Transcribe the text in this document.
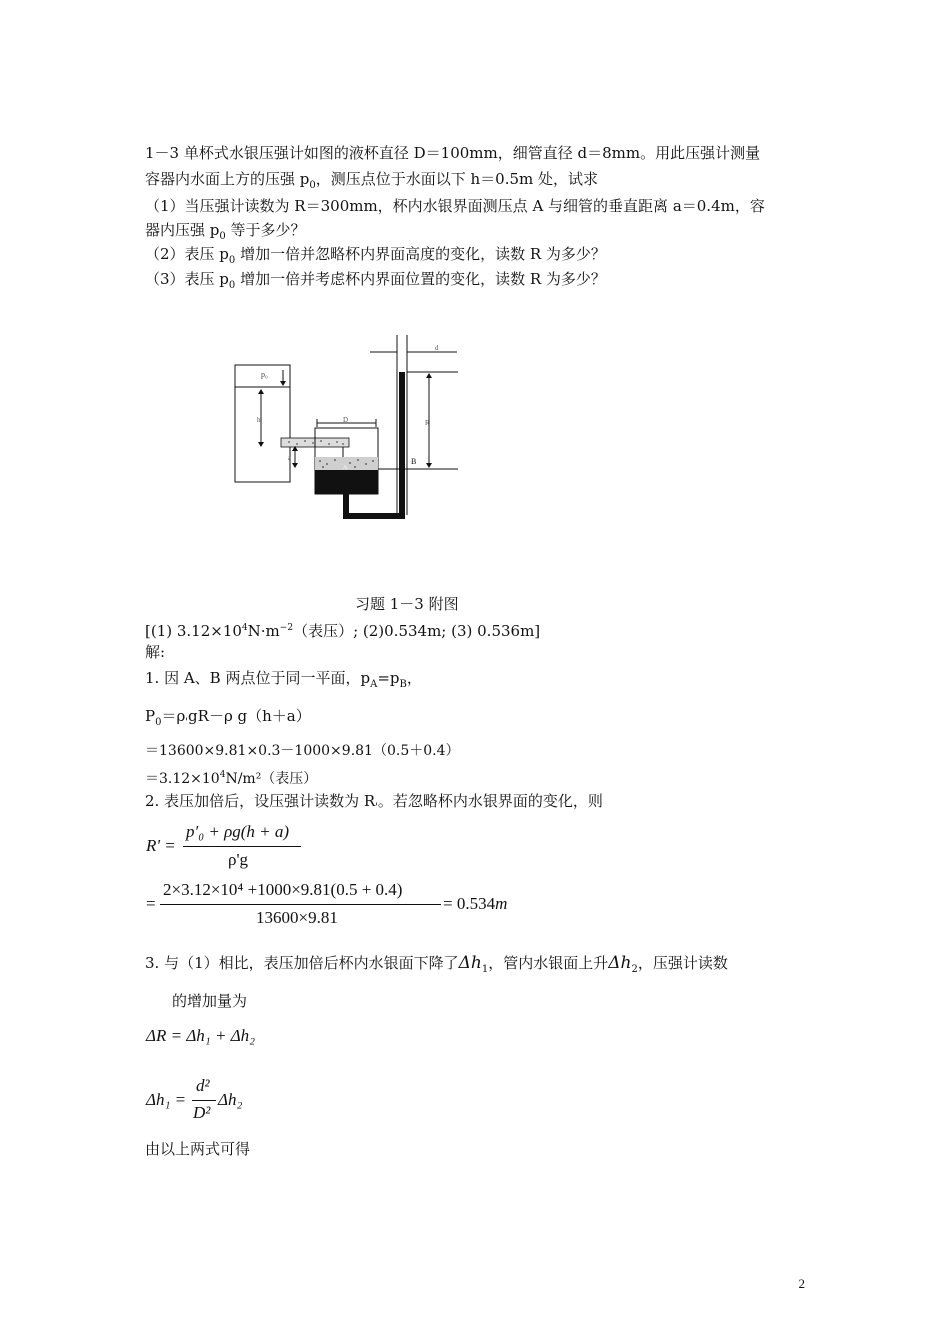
1－3 单杯式水银压强计如图的液杯直径 D＝100mm，细管直径 d＝8mm。用此压强计测量
容器内水面上方的压强 $p_0$，测压点位于水面以下 h＝0.5m 处，试求
（1）当压强计读数为 R＝300mm，杯内水银界面测压点 A 与细管的垂直距离 a＝0.4m，容
器内压强 $p_0$ 等于多少？
（2）表压 $p_0$ 增加一倍并忽略杯内界面高度的变化，读数 R 为多少？
（3）表压 $p_0$ 增加一倍并考虑杯内界面位置的变化，读数 R 为多少？
p₀
h
A
D
a
d
R
B
习题 1－3 附图
[(1) $3.12\times 10^4N\cdot m^{-2}$（表压）; (2)0.534m; (3) 0.536m]
解:
1. 因 A、B 两点位于同一平面，$p_A=p_B$，
$P_0=\rho'gR-\rho$ g（h＋a）
＝13600×9.81×0.3－1000×9.81（0.5＋0.4）
$=3.12\times 10^4N/m^2$（表压）
2. 表压加倍后，设压强计读数为 $R'$。若忽略杯内水银界面的变化，则
R' =
p′₀ + ρg(h + a)
ρ'g
=
2×3.12×10⁴ +1000×9.81(0.5 + 0.4)
13600×9.81
= 0.534m
3. 与（1）相比，表压加倍后杯内水银面下降了$\Delta h_1$，管内水银面上升$\Delta h_2$，压强计读数
的增加量为
ΔR = Δh₁ + Δh₂
Δh₁ =
d²
D²
Δh₂
由以上两式可得
2
